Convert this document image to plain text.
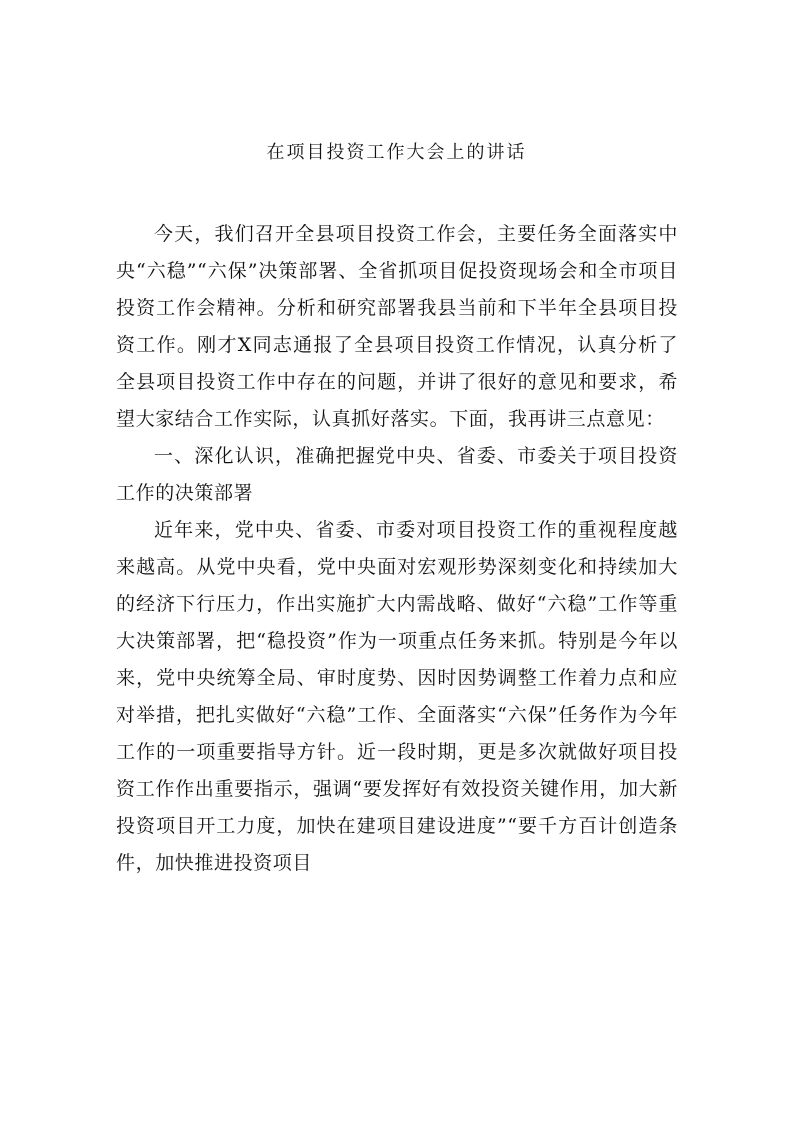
在项目投资工作大会上的讲话

今天，我们召开全县项目投资工作会，主要任务全面落实中央“六稳”“六保”决策部署、全省抓项目促投资现场会和全市项目投资工作会精神。分析和研究部署我县当前和下半年全县项目投资工作。刚才X同志通报了全县项目投资工作情况，认真分析了全县项目投资工作中存在的问题，并讲了很好的意见和要求，希望大家结合工作实际，认真抓好落实。下面，我再讲三点意见：

一、深化认识，准确把握党中央、省委、市委关于项目投资工作的决策部署

近年来，党中央、省委、市委对项目投资工作的重视程度越来越高。从党中央看，党中央面对宏观形势深刻变化和持续加大的经济下行压力，作出实施扩大内需战略、做好“六稳”工作等重大决策部署，把“稳投资”作为一项重点任务来抓。特别是今年以来，党中央统筹全局、审时度势、因时因势调整工作着力点和应对举措，把扎实做好“六稳”工作、全面落实“六保”任务作为今年工作的一项重要指导方针。近一段时期，更是多次就做好项目投资工作作出重要指示，强调“要发挥好有效投资关键作用，加大新投资项目开工力度，加快在建项目建设进度”“要千方百计创造条件，加快推进投资项目
